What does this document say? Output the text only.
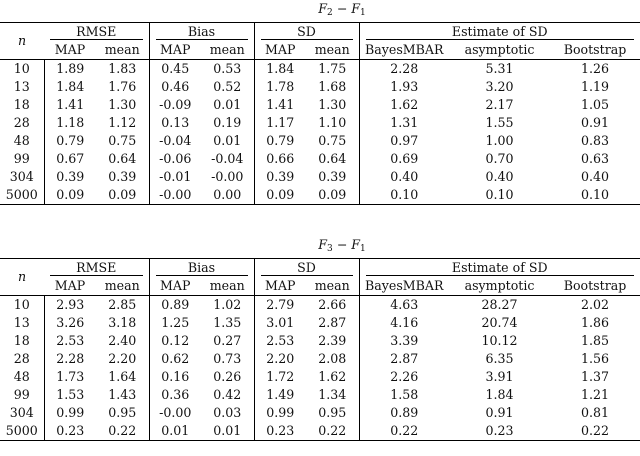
	$F_2 - F_1$
n	RMSE		Bias		SD		Estimate of SD		
	MAP	mean	MAP	mean	MAP	mean	BayesMBAR	asymptotic	Bootstrap
10	1.89	1.83	0.45	0.53	1.84	1.75	2.28	5.31	1.26
13	1.84	1.76	0.46	0.52	1.78	1.68	1.93	3.20	1.19
18	1.41	1.30	-0.09	0.01	1.41	1.30	1.62	2.17	1.05
28	1.18	1.12	0.13	0.19	1.17	1.10	1.31	1.55	0.91
48	0.79	0.75	-0.04	0.01	0.79	0.75	0.97	1.00	0.83
99	0.67	0.64	-0.06	-0.04	0.66	0.64	0.69	0.70	0.63
304	0.39	0.39	-0.01	-0.00	0.39	0.39	0.40	0.40	0.40
5000	0.09	0.09	-0.00	0.00	0.09	0.09	0.10	0.10	0.10
	$F_3 - F_1$
n	RMSE		Bias		SD		Estimate of SD		
	MAP	mean	MAP	mean	MAP	mean	BayesMBAR	asymptotic	Bootstrap
10	2.93	2.85	0.89	1.02	2.79	2.66	4.63	28.27	2.02
13	3.26	3.18	1.25	1.35	3.01	2.87	4.16	20.74	1.86
18	2.53	2.40	0.12	0.27	2.53	2.39	3.39	10.12	1.85
28	2.28	2.20	0.62	0.73	2.20	2.08	2.87	6.35	1.56
48	1.73	1.64	0.16	0.26	1.72	1.62	2.26	3.91	1.37
99	1.53	1.43	0.36	0.42	1.49	1.34	1.58	1.84	1.21
304	0.99	0.95	-0.00	0.03	0.99	0.95	0.89	0.91	0.81
5000	0.23	0.22	0.01	0.01	0.23	0.22	0.22	0.23	0.22
